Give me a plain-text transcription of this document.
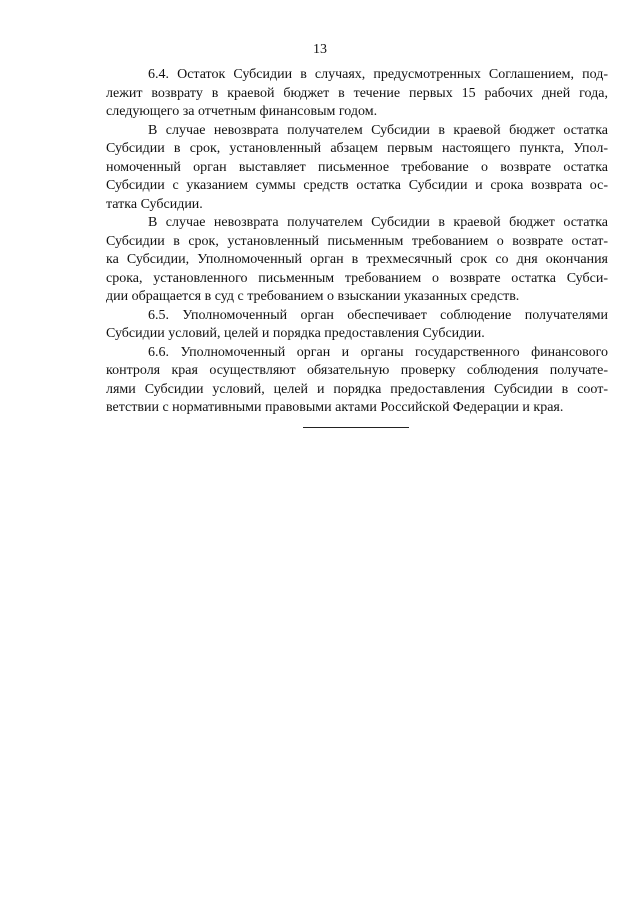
13
6.4. Остаток Субсидии в случаях, предусмотренных Соглашением, под-
лежит возврату в краевой бюджет в течение первых 15 рабочих дней года,
следующего за отчетным финансовым годом.
В случае невозврата получателем Субсидии в краевой бюджет остатка
Субсидии в срок, установленный абзацем первым настоящего пункта, Упол-
номоченный орган выставляет письменное требование о возврате остатка
Субсидии с указанием суммы средств остатка Субсидии и срока возврата ос-
татка Субсидии.
В случае невозврата получателем Субсидии в краевой бюджет остатка
Субсидии в срок, установленный письменным требованием о возврате остат-
ка Субсидии, Уполномоченный орган в трехмесячный срок со дня окончания
срока, установленного письменным требованием о возврате остатка Субси-
дии обращается в суд с требованием о взыскании указанных средств.
6.5. Уполномоченный орган обеспечивает соблюдение получателями
Субсидии условий, целей и порядка предоставления Субсидии.
6.6. Уполномоченный орган и органы государственного финансового
контроля края осуществляют обязательную проверку соблюдения получате-
лями Субсидии условий, целей и порядка предоставления Субсидии в соот-
ветствии с нормативными правовыми актами Российской Федерации и края.
